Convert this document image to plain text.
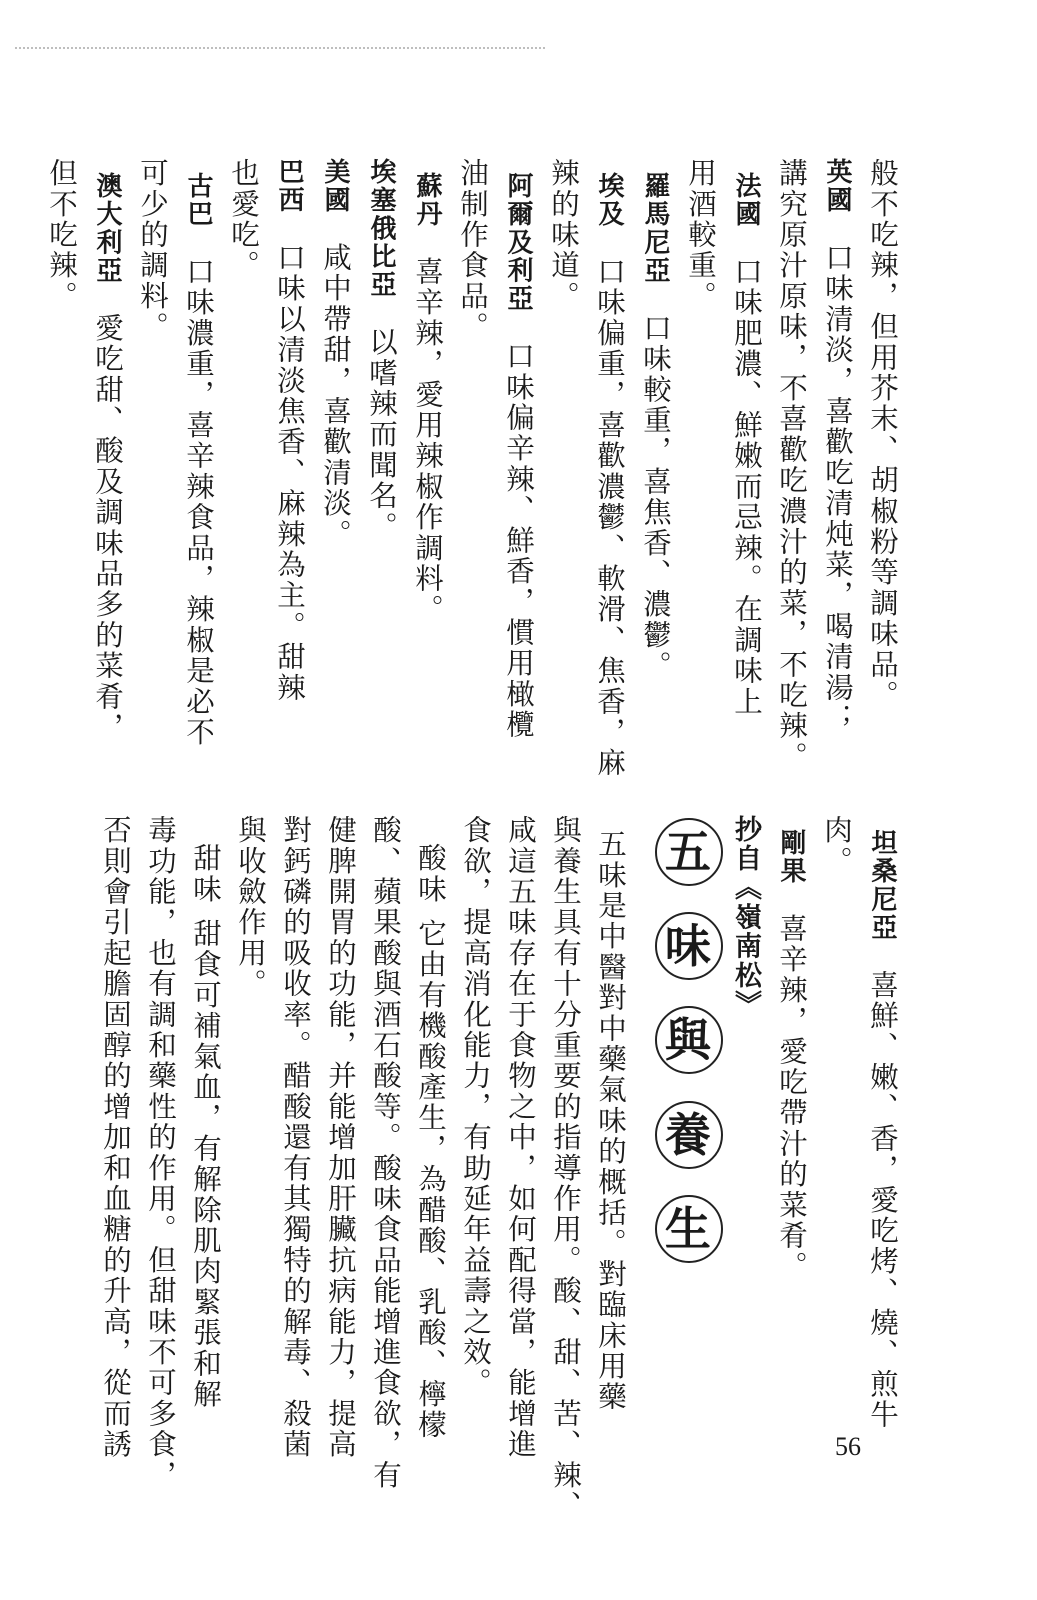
般不吃辣，但用芥末、胡椒粉等調味品。

英國口味清淡，喜歡吃清炖菜，喝清湯；

講究原汁原味，不喜歡吃濃汁的菜，不吃辣。

法國口味肥濃、鮮嫩而忌辣。在調味上

用酒較重。

羅馬尼亞口味較重，喜焦香、濃鬱。

埃及口味偏重，喜歡濃鬱、軟滑、焦香，麻

辣的味道。

阿爾及利亞口味偏辛辣、鮮香，慣用橄欖

油制作食品。

蘇丹喜辛辣，愛用辣椒作調料。

埃塞俄比亞以嗜辣而聞名。

美國咸中帶甜，喜歡清淡。

巴西口味以清淡焦香、麻辣為主。甜辣

也愛吃。

古巴口味濃重，喜辛辣食品，辣椒是必不

可少的調料。

澳大利亞愛吃甜、酸及調味品多的菜肴，

但不吃辣。

坦桑尼亞喜鮮、嫩、香，愛吃烤、燒、煎牛

肉。

剛果喜辛辣，愛吃帶汁的菜肴。

抄自《嶺南松》

五 味 與 養 生

五味是中醫對中藥氣味的概括。對臨床用藥

與養生具有十分重要的指導作用。酸、甜、苦、辣、

咸這五味存在于食物之中，如何配得當，能增進

食欲，提高消化能力，有助延年益壽之效。

酸味它由有機酸產生，為醋酸、乳酸、檸檬

酸、蘋果酸與酒石酸等。酸味食品能增進食欲，有

健脾開胃的功能，并能增加肝臟抗病能力，提高

對鈣磷的吸收率。醋酸還有其獨特的解毒、殺菌

與收斂作用。

甜味甜食可補氣血，有解除肌肉緊張和解

毒功能，也有調和藥性的作用。但甜味不可多食，

否則會引起膽固醇的增加和血糖的升高，從而誘	56
